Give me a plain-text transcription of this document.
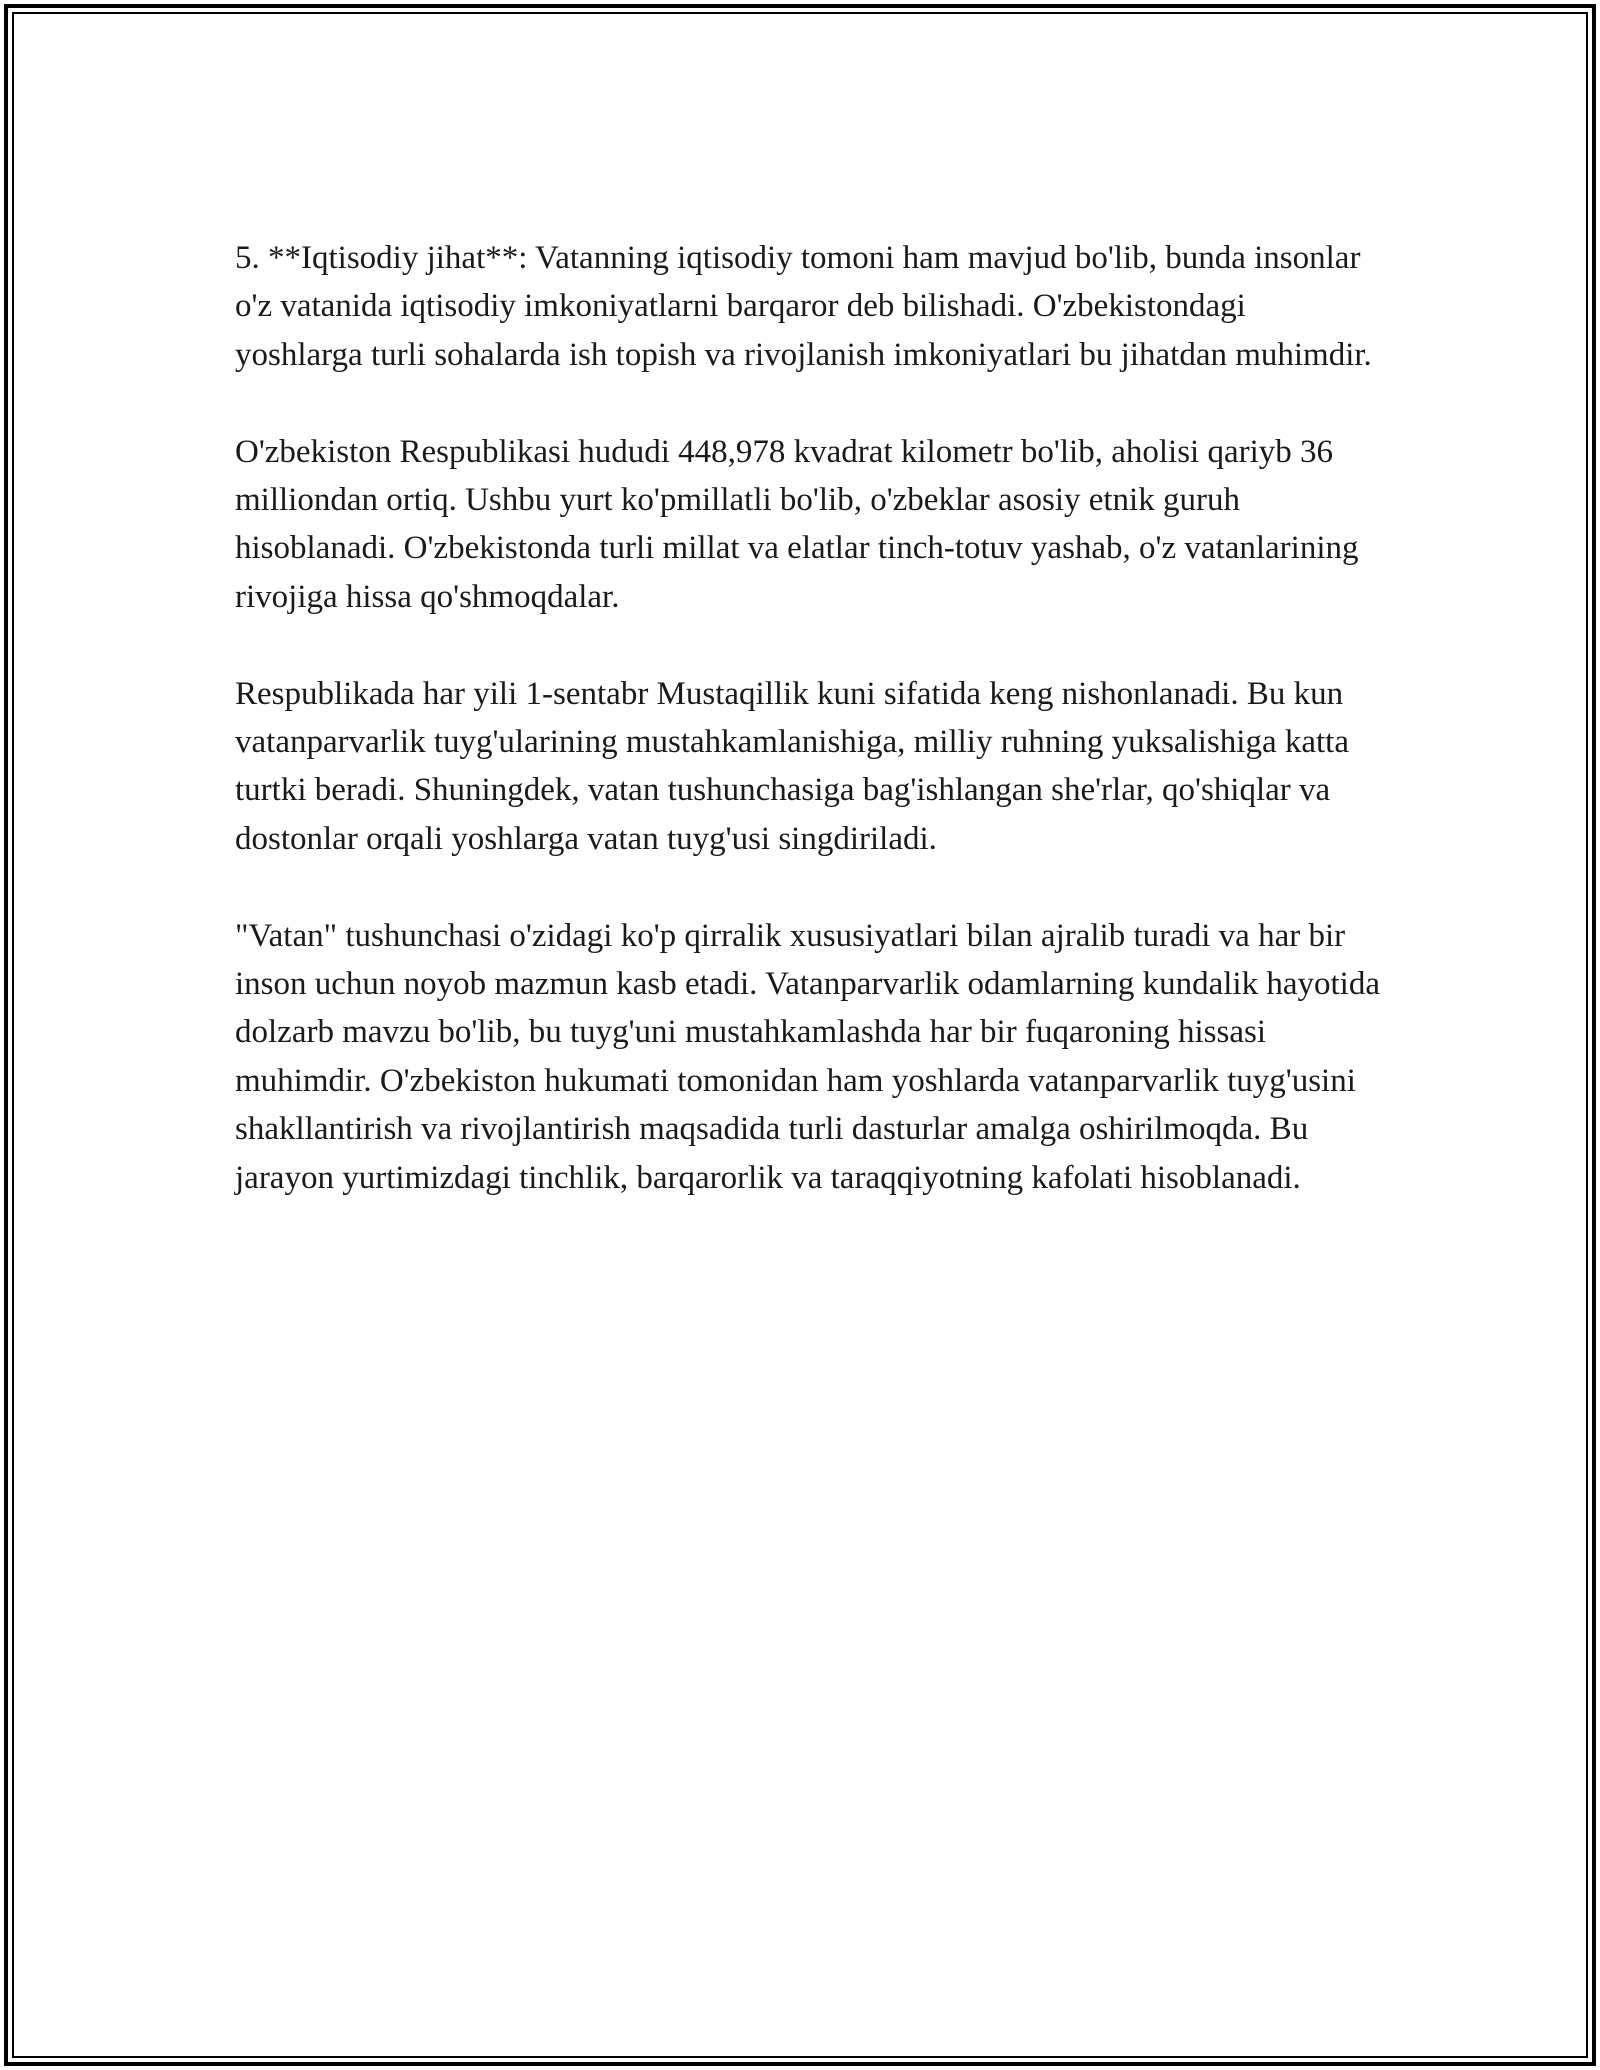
5. **Iqtisodiy jihat**: Vatanning iqtisodiy tomoni ham mavjud bo'lib, bunda insonlar o'z vatanida iqtisodiy imkoniyatlarni barqaror deb bilishadi. O'zbekistondagi yoshlarga turli sohalarda ish topish va rivojlanish imkoniyatlari bu jihatdan muhimdir.

O'zbekiston Respublikasi hududi 448,978 kvadrat kilometr bo'lib, aholisi qariyb 36 milliondan ortiq. Ushbu yurt ko'pmillatli bo'lib, o'zbeklar asosiy etnik guruh hisoblanadi. O'zbekistonda turli millat va elatlar tinch-totuv yashab, o'z vatanlarining rivojiga hissa qo'shmoqdalar.

Respublikada har yili 1-sentabr Mustaqillik kuni sifatida keng nishonlanadi. Bu kun vatanparvarlik tuyg'ularining mustahkamlanishiga, milliy ruhning yuksalishiga katta turtki beradi. Shuningdek, vatan tushunchasiga bag'ishlangan she'rlar, qo'shiqlar va dostonlar orqali yoshlarga vatan tuyg'usi singdiriladi.

"Vatan" tushunchasi o'zidagi ko'p qirralik xususiyatlari bilan ajralib turadi va har bir inson uchun noyob mazmun kasb etadi. Vatanparvarlik odamlarning kundalik hayotida dolzarb mavzu bo'lib, bu tuyg'uni mustahkamlashda har bir fuqaroning hissasi muhimdir. O'zbekiston hukumati tomonidan ham yoshlarda vatanparvarlik tuyg'usini shakllantirish va rivojlantirish maqsadida turli dasturlar amalga oshirilmoqda. Bu jarayon yurtimizdagi tinchlik, barqarorlik va taraqqiyotning kafolati hisoblanadi.
